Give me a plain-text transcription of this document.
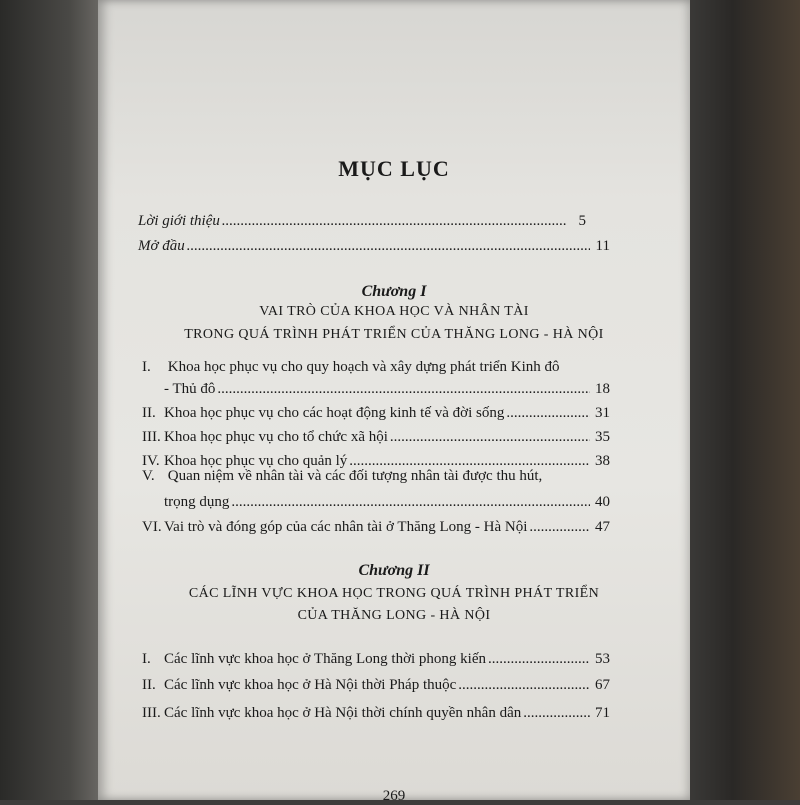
MỤC LỤC
Lời giới thiệu .....	5
Mở đầu .....	11
Chương I
VAI TRÒ CỦA KHOA HỌC VÀ NHÂN TÀI
TRONG QUÁ TRÌNH PHÁT TRIỂN CỦA THĂNG LONG - HÀ NỘI
I. Khoa học phục vụ cho quy hoạch và xây dựng phát triển Kinh đô
- Thủ đô .....	18
II. Khoa học phục vụ cho các hoạt động kinh tế và đời sống .....	31
III. Khoa học phục vụ cho tổ chức xã hội .....	35
IV. Khoa học phục vụ cho quản lý .....	38
V. Quan niệm về nhân tài và các đối tượng nhân tài được thu hút,
trọng dụng .....	40
VI. Vai trò và đóng góp của các nhân tài ở Thăng Long - Hà Nội .....	47
Chương II
CÁC LĨNH VỰC KHOA HỌC TRONG QUÁ TRÌNH PHÁT TRIỂN
CỦA THĂNG LONG - HÀ NỘI
I. Các lĩnh vực khoa học ở Thăng Long thời phong kiến .....	53
II. Các lĩnh vực khoa học ở Hà Nội thời Pháp thuộc .....	67
III. Các lĩnh vực khoa học ở Hà Nội thời chính quyền nhân dân .....	71
269
